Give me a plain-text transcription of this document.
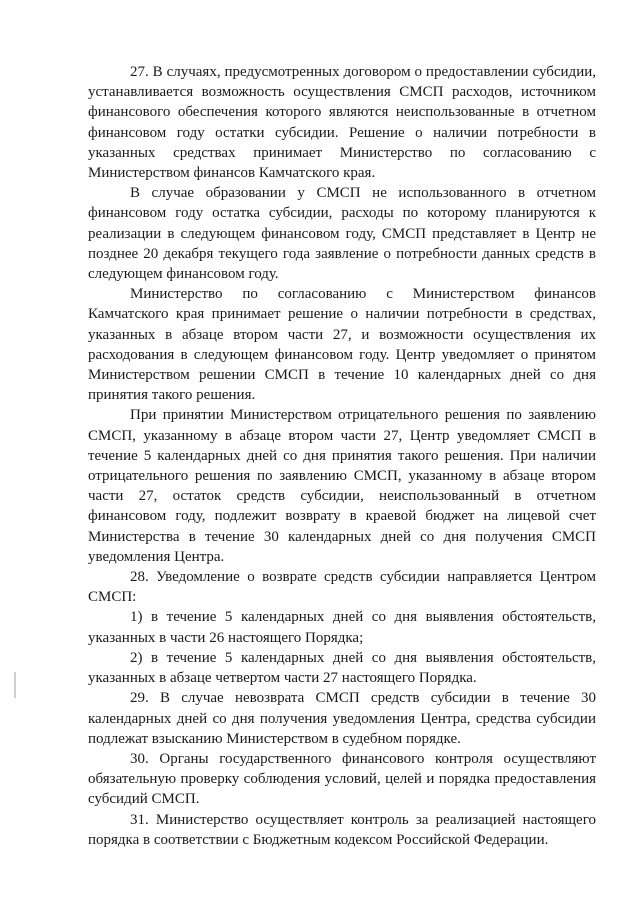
27. В случаях, предусмотренных договором о предоставлении субсидии, устанавливается возможность осуществления СМСП расходов, источником финансового обеспечения которого являются неиспользованные в отчетном финансовом году остатки субсидии. Решение о наличии потребности в указанных средствах принимает Министерство по согласованию с Министерством финансов Камчатского края.

В случае образовании у СМСП не использованного в отчетном финансовом году остатка субсидии, расходы по которому планируются к реализации в следующем финансовом году, СМСП представляет в Центр не позднее 20 декабря текущего года заявление о потребности данных средств в следующем финансовом году.

Министерство по согласованию с Министерством финансов Камчатского края принимает решение о наличии потребности в средствах, указанных в абзаце втором части 27, и возможности осуществления их расходования в следующем финансовом году. Центр уведомляет о принятом Министерством решении СМСП в течение 10 календарных дней со дня принятия такого решения.

При принятии Министерством отрицательного решения по заявлению СМСП, указанному в абзаце втором части 27, Центр уведомляет СМСП в течение 5 календарных дней со дня принятия такого решения. При наличии отрицательного решения по заявлению СМСП, указанному в абзаце втором части 27, остаток средств субсидии, неиспользованный в отчетном финансовом году, подлежит возврату в краевой бюджет на лицевой счет Министерства в течение 30 календарных дней со дня получения СМСП уведомления Центра.

28. Уведомление о возврате средств субсидии направляется Центром СМСП:

1) в течение 5 календарных дней со дня выявления обстоятельств, указанных в части 26 настоящего Порядка;

2) в течение 5 календарных дней со дня выявления обстоятельств, указанных в абзаце четвертом части 27 настоящего Порядка.

29. В случае невозврата СМСП средств субсидии в течение 30 календарных дней со дня получения уведомления Центра, средства субсидии подлежат взысканию Министерством в судебном порядке.

30. Органы государственного финансового контроля осуществляют обязательную проверку соблюдения условий, целей и порядка предоставления субсидий СМСП.

31. Министерство осуществляет контроль за реализацией настоящего порядка в соответствии с Бюджетным кодексом Российской Федерации.
